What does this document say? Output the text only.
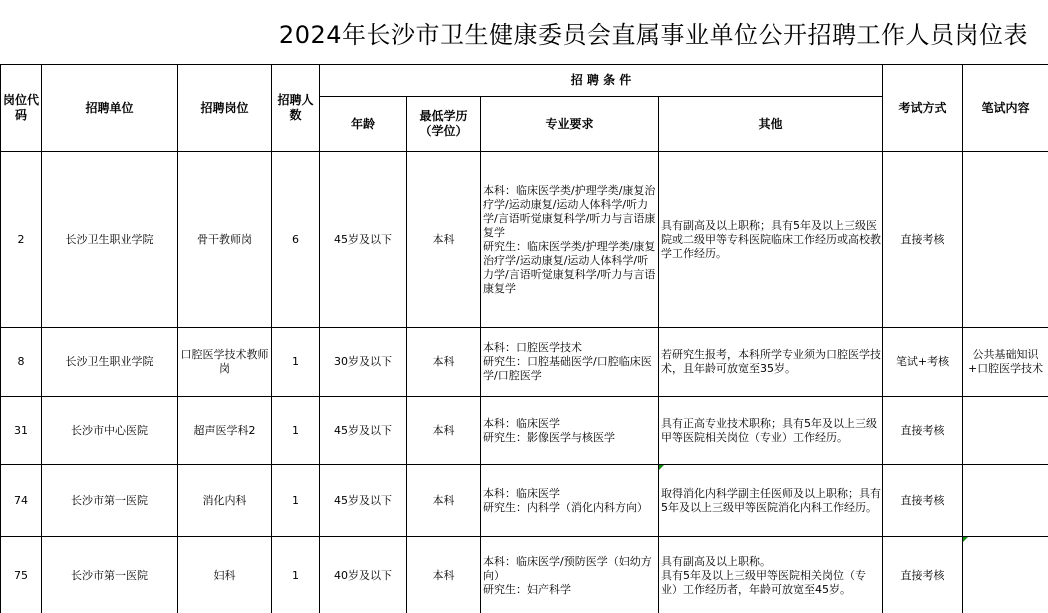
2024年长沙市卫生健康委员会直属事业单位公开招聘工作人员岗位表
岗位代码	招聘单位	招聘岗位	招聘人数	招 聘 条 件				考试方式	笔试内容
				年龄	最低学历（学位）	专业要求	其他		
2	长沙卫生职业学院	骨干教师岗	6	45岁及以下	本科	本科：临床医学类/护理学类/康复治疗学/运动康复/运动人体科学/听力学/言语听觉康复科学/听力与言语康复学
研究生：临床医学类/护理学类/康复治疗学/运动康复/运动人体科学/听力学/言语听觉康复科学/听力与言语康复学	具有副高及以上职称；具有5年及以上三级医院或二级甲等专科医院临床工作经历或高校教学工作经历。	直接考核	
8	长沙卫生职业学院	口腔医学技术教师岗	1	30岁及以下	本科	本科：口腔医学技术
研究生：口腔基础医学/口腔临床医学/口腔医学	若研究生报考，本科所学专业须为口腔医学技术，且年龄可放宽至35岁。	笔试+考核	公共基础知识+口腔医学技术
31	长沙市中心医院	超声医学科2	1	45岁及以下	本科	本科：临床医学
研究生：影像医学与核医学	具有正高专业技术职称；具有5年及以上三级甲等医院相关岗位（专业）工作经历。	直接考核	
74	长沙市第一医院	消化内科	1	45岁及以下	本科	本科：临床医学
研究生：内科学（消化内科方向）	取得消化内科学副主任医师及以上职称；具有5年及以上三级甲等医院消化内科工作经历。	直接考核	
75	长沙市第一医院	妇科	1	40岁及以下	本科	本科：临床医学/预防医学（妇幼方向）
研究生：妇产科学	具有副高及以上职称。
具有5年及以上三级甲等医院相关岗位（专业）工作经历者，年龄可放宽至45岁。	直接考核	
